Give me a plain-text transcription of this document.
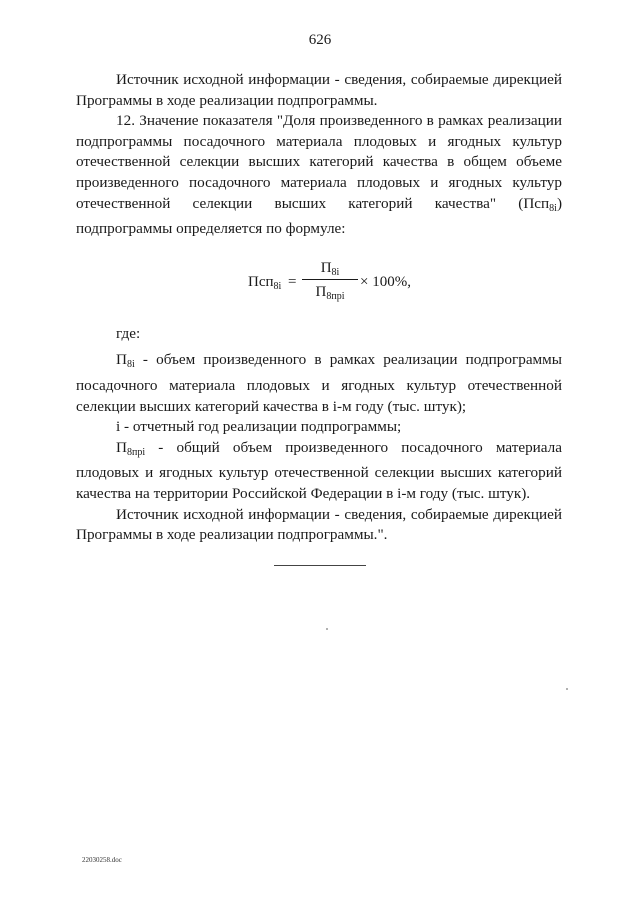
626

Источник исходной информации - сведения, собираемые дирекцией Программы в ходе реализации подпрограммы.

12. Значение показателя "Доля произведенного в рамках реализации подпрограммы посадочного материала плодовых и ягодных культур отечественной селекции высших категорий качества в общем объеме произведенного посадочного материала плодовых и ягодных культур отечественной селекции высших категорий качества" (Псп$_{8i}$) подпрограммы определяется по формуле:

Псп$_{8i}$ =
$П_{8i}$
$П_{8прi}$
× 100%,

где:

$П_{8i}$ - объем произведенного в рамках реализации подпрограммы посадочного материала плодовых и ягодных культур отечественной селекции высших категорий качества в i-м году (тыс. штук);

i - отчетный год реализации подпрограммы;

$П_{8прi}$ - общий объем произведенного посадочного материала плодовых и ягодных культур отечественной селекции высших категорий качества на территории Российской Федерации в i-м году (тыс. штук).

Источник исходной информации - сведения, собираемые дирекцией Программы в ходе реализации подпрограммы.".

22030258.doc
